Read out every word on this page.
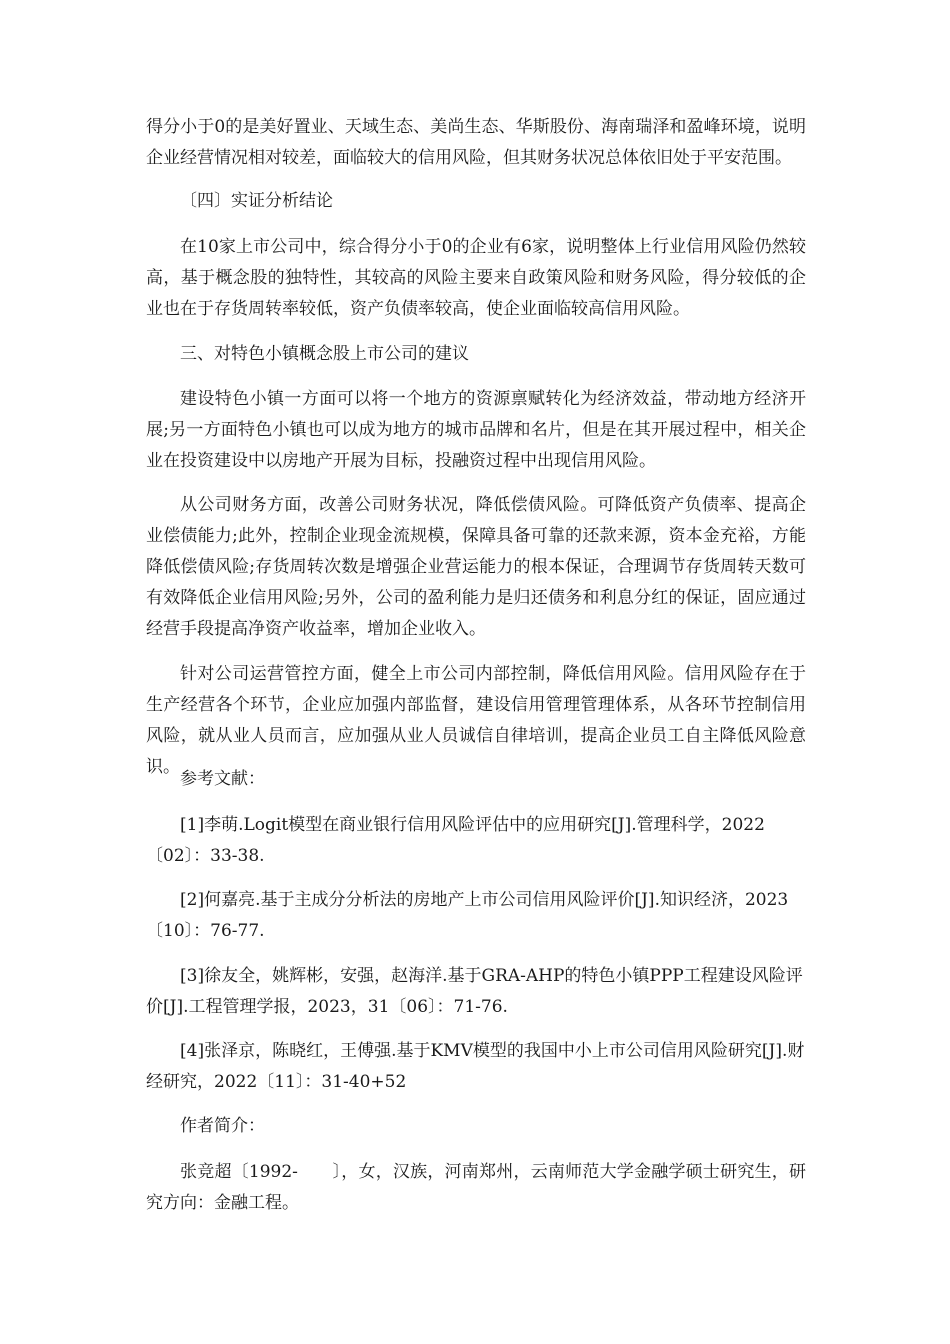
得分小于0的是美好置业、天域生态、美尚生态、华斯股份、海南瑞泽和盈峰环境，说明企业经营情况相对较差，面临较大的信用风险，但其财务状况总体依旧处于平安范围。

〔四〕实证分析结论

在10家上市公司中，综合得分小于0的企业有6家，说明整体上行业信用风险仍然较高，基于概念股的独特性，其较高的风险主要来自政策风险和财务风险，得分较低的企业也在于存货周转率较低，资产负债率较高，使企业面临较高信用风险。

三、对特色小镇概念股上市公司的建议

建设特色小镇一方面可以将一个地方的资源禀赋转化为经济效益，带动地方经济开展;另一方面特色小镇也可以成为地方的城市品牌和名片，但是在其开展过程中，相关企业在投资建设中以房地产开展为目标，投融资过程中出现信用风险。

从公司财务方面，改善公司财务状况，降低偿债风险。可降低资产负债率、提高企业偿债能力;此外，控制企业现金流规模，保障具备可靠的还款来源，资本金充裕，方能降低偿债风险;存货周转次数是增强企业营运能力的根本保证，合理调节存货周转天数可有效降低企业信用风险;另外，公司的盈利能力是归还债务和利息分红的保证，固应通过经营手段提高净资产收益率，增加企业收入。

针对公司运营管控方面，健全上市公司内部控制，降低信用风险。信用风险存在于生产经营各个环节，企业应加强内部监督，建设信用管理管理体系，从各环节控制信用风险，就从业人员而言，应加强从业人员诚信自律培训，提高企业员工自主降低风险意识。

参考文献：

[1]李萌.Logit模型在商业银行信用风险评估中的应用研究[J].管理科学，2022〔02〕：33-38.

[2]何嘉亮.基于主成分分析法的房地产上市公司信用风险评价[J].知识经济，2023〔10〕：76-77.

[3]徐友全，姚辉彬，安强，赵海洋.基于GRA-AHP的特色小镇PPP工程建设风险评价[J].工程管理学报，2023，31〔06〕：71-76.

[4]张泽京，陈晓红，王傅强.基于KMV模型的我国中小上市公司信用风险研究[J].财经研究，2022〔11〕：31-40+52

作者简介：

张竞超〔1992-　　〕，女，汉族，河南郑州，云南师范大学金融学硕士研究生，研究方向：金融工程。
